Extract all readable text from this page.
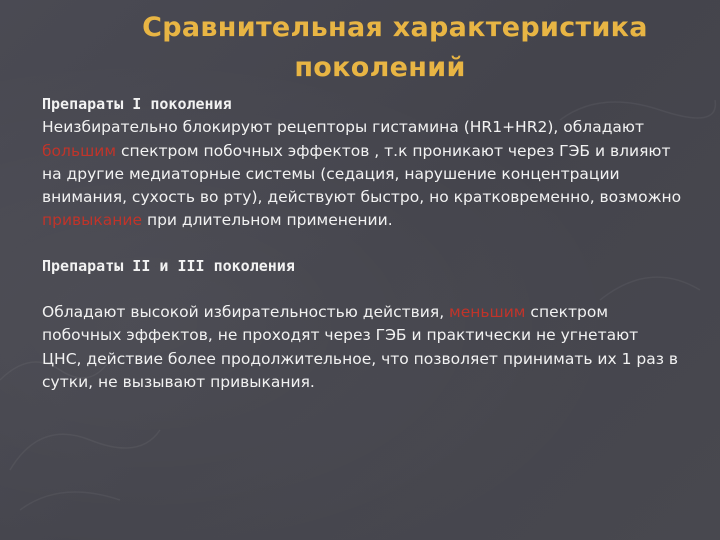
Сравнительная характеристика
поколений
Препараты I поколения

Неизбирательно блокируют рецепторы гистамина (HR1+HR2), обладают большим спектром побочных эффектов , т.к проникают через ГЭБ и влияют на другие медиаторные системы (седация, нарушение концентрации внимания, сухость во рту), действуют быстро, но кратковременно, возможно привыкание при длительном применении.

Препараты II и III поколения

Обладают высокой избирательностью действия, меньшим спектром побочных эффектов, не проходят через ГЭБ и практически не угнетают ЦНС, действие более продолжительное, что позволяет принимать их 1 раз в сутки, не вызывают привыкания.
